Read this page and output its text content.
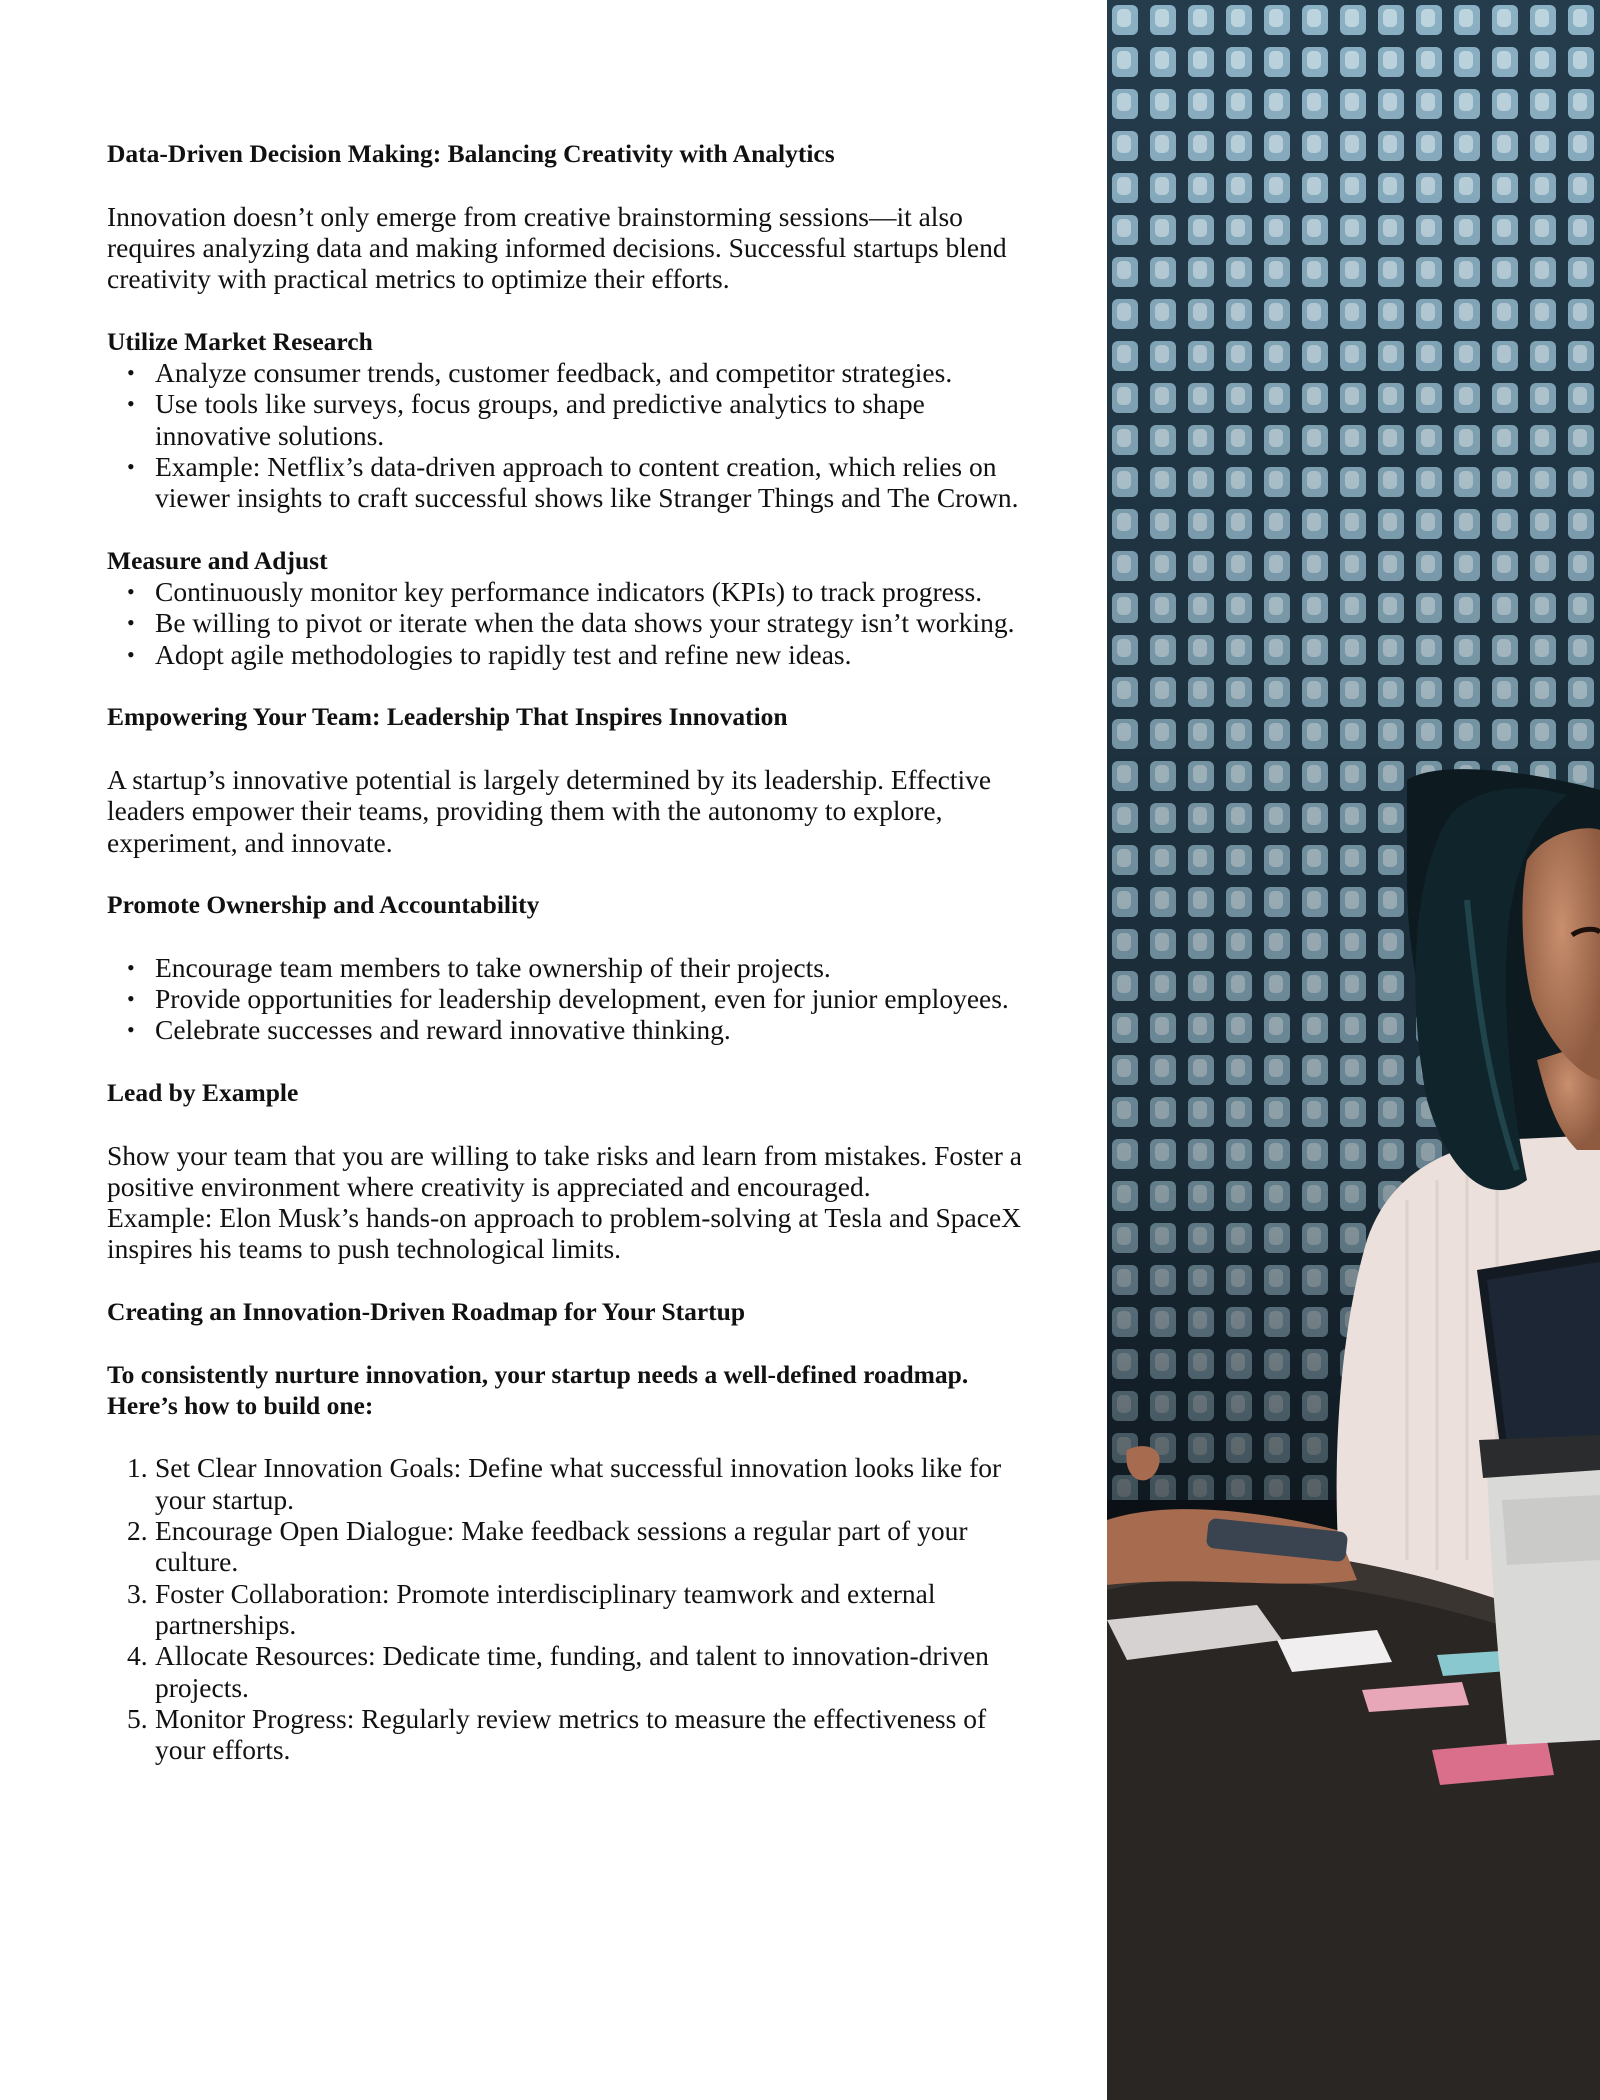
Data-Driven Decision Making: Balancing Creativity with Analytics

Innovation doesn’t only emerge from creative brainstorming sessions—it also requires analyzing data and making informed decisions. Successful startups blend creativity with practical metrics to optimize their efforts.

Utilize Market Research
• Analyze consumer trends, customer feedback, and competitor strategies.
• Use tools like surveys, focus groups, and predictive analytics to shape innovative solutions.
• Example: Netflix’s data-driven approach to content creation, which relies on viewer insights to craft successful shows like Stranger Things and The Crown.
Measure and Adjust
• Continuously monitor key performance indicators (KPIs) to track progress.
• Be willing to pivot or iterate when the data shows your strategy isn’t working.
• Adopt agile methodologies to rapidly test and refine new ideas.
Empowering Your Team: Leadership That Inspires Innovation

A startup’s innovative potential is largely determined by its leadership. Effective leaders empower their teams, providing them with the autonomy to explore, experiment, and innovate.

Promote Ownership and Accountability
• Encourage team members to take ownership of their projects.
• Provide opportunities for leadership development, even for junior employees.
• Celebrate successes and reward innovative thinking.
Lead by Example

Show your team that you are willing to take risks and learn from mistakes. Foster a positive environment where creativity is appreciated and encouraged.

Example: Elon Musk’s hands-on approach to problem-solving at Tesla and SpaceX inspires his teams to push technological limits.

Creating an Innovation-Driven Roadmap for Your Startup

To consistently nurture innovation, your startup needs a well-defined roadmap. Here’s how to build one:

1. Set Clear Innovation Goals: Define what successful innovation looks like for your startup.
2. Encourage Open Dialogue: Make feedback sessions a regular part of your culture.
3. Foster Collaboration: Promote interdisciplinary teamwork and external partnerships.
4. Allocate Resources: Dedicate time, funding, and talent to innovation-driven projects.
5. Monitor Progress: Regularly review metrics to measure the effectiveness of your efforts.
